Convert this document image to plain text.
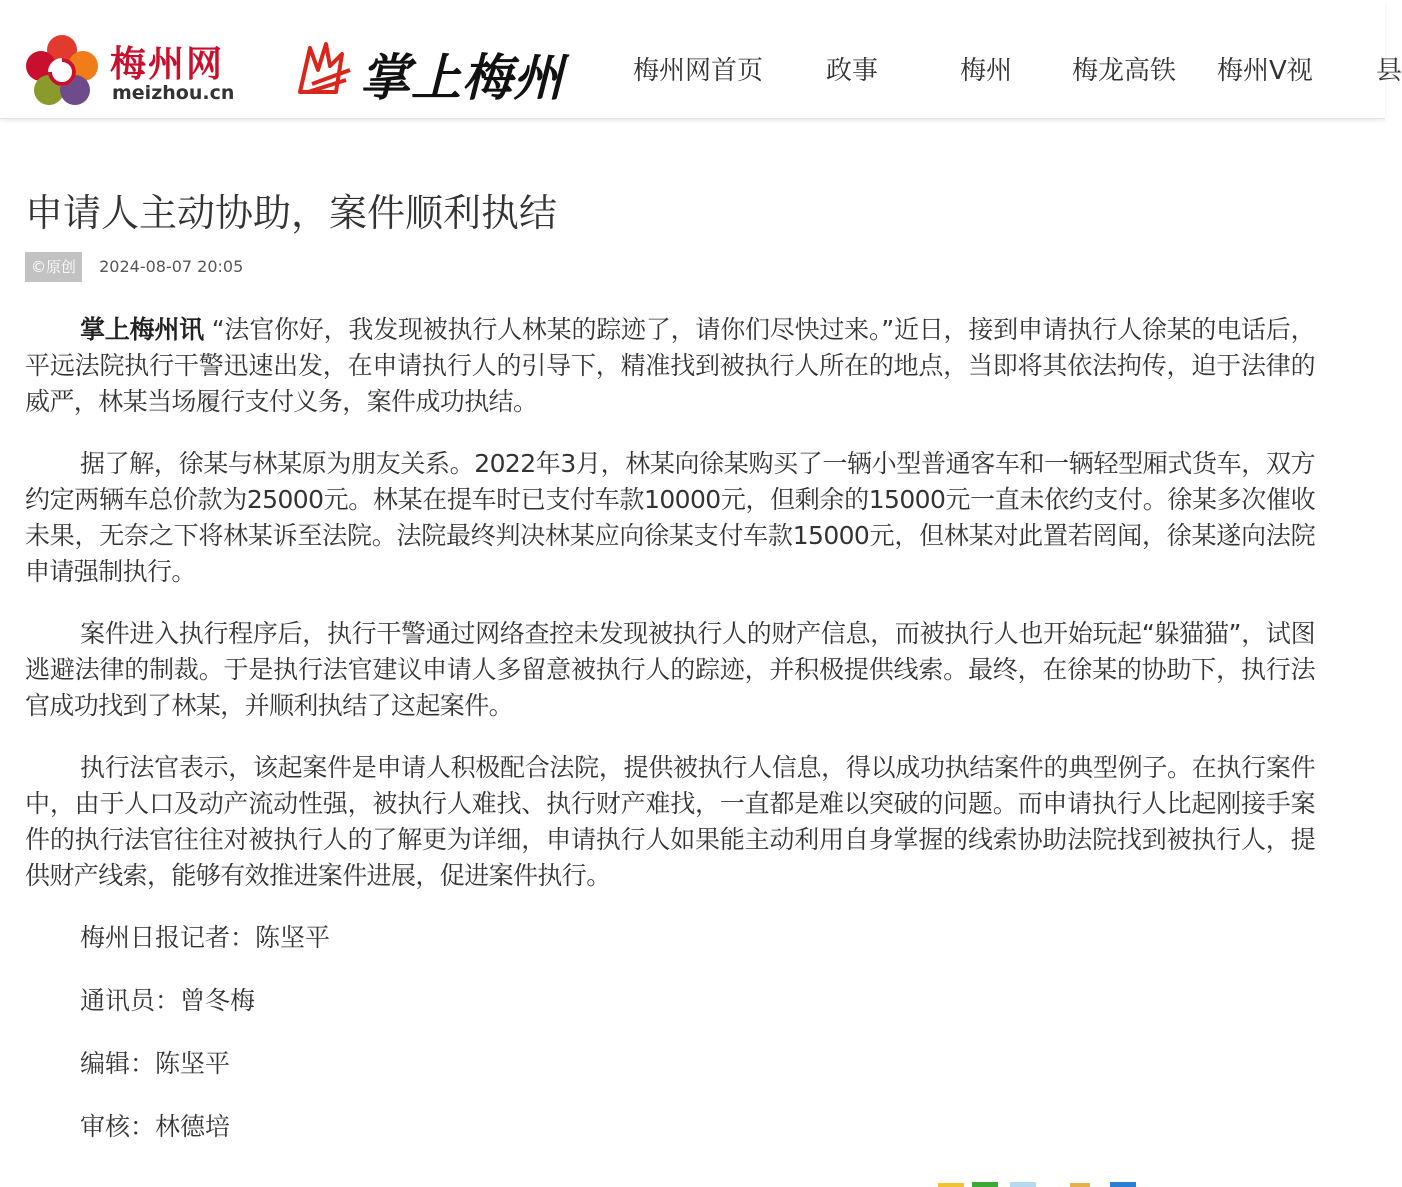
梅州网
meizhou.cn	掌上梅州	梅州网首页 政事	梅州 梅龙高铁 梅州V视 县
申请人主动协助，案件顺利执结
©原创 2024-08-07 20:05

掌上梅州讯 “法官你好，我发现被执行人林某的踪迹了，请你们尽快过来。”近日，接到申请执行人徐某的电话后，平远法院执行干警迅速出发，在申请执行人的引导下，精准找到被执行人所在的地点，当即将其依法拘传，迫于法律的威严，林某当场履行支付义务，案件成功执结。

据了解，徐某与林某原为朋友关系。2022年3月，林某向徐某购买了一辆小型普通客车和一辆轻型厢式货车，双方约定两辆车总价款为25000元。林某在提车时已支付车款10000元，但剩余的15000元一直未依约支付。徐某多次催收未果，无奈之下将林某诉至法院。法院最终判决林某应向徐某支付车款15000元，但林某对此置若罔闻，徐某遂向法院申请强制执行。

案件进入执行程序后，执行干警通过网络查控未发现被执行人的财产信息，而被执行人也开始玩起“躲猫猫”，试图逃避法律的制裁。于是执行法官建议申请人多留意被执行人的踪迹，并积极提供线索。最终，在徐某的协助下，执行法官成功找到了林某，并顺利执结了这起案件。

执行法官表示，该起案件是申请人积极配合法院，提供被执行人信息，得以成功执结案件的典型例子。在执行案件中，由于人口及动产流动性强，被执行人难找、执行财产难找，一直都是难以突破的问题。而申请执行人比起刚接手案件的执行法官往往对被执行人的了解更为详细，申请执行人如果能主动利用自身掌握的线索协助法院找到被执行人，提供财产线索，能够有效推进案件进展，促进案件执行。

梅州日报记者：陈坚平

通讯员：曾冬梅

编辑：陈坚平

审核：林德培
